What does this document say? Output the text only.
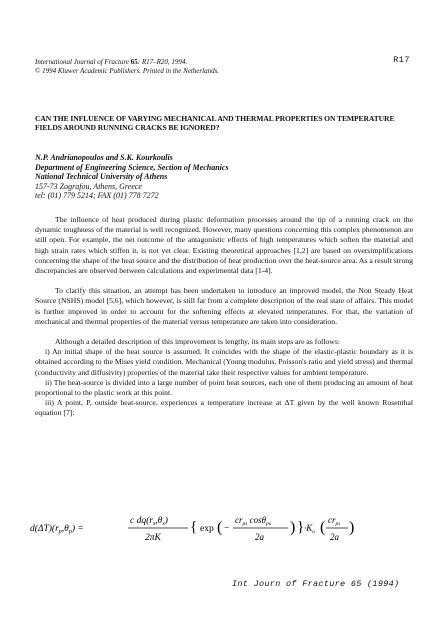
R17
International Journal of Fracture 65: R17–R20, 1994.
© 1994 Kluwer Academic Publishers. Printed in the Netherlands.
CAN THE INFLUENCE OF VARYING MECHANICAL AND THERMAL PROPERTIES ON TEMPERATURE FIELDS AROUND RUNNING CRACKS BE IGNORED?
N.P. Andrianopoulos and S.K. Kourkoulis
Department of Engineering Science, Section of Mechanics
National Technical University of Athens
157-73 Zografou, Athens, Greece
tel: (01) 779 5214; FAX (01) 778 7272

The influence of heat produced during plastic deformation processes around the tip of a running crack on the dynamic toughness of the material is well recognized. However, many questions concerning this complex phenomenon are still open. For example, the net outcome of the antagonistic effects of high temperatures which soften the material and high strain rates which stiffen it, is not yet clear. Existing theoretical approaches [1,2] are based on oversimplifications concerning the shape of the heat source and the distribution of heat production over the heat-source area. As a result strong discrepancies are observed between calculations and experimental data [1-4].

To clarify this situation, an attempt has been undertaken to introduce an improved model, the Non Steady Heat Source (NSHS) model [5,6], which however, is still far from a complete description of the real state of affairs. This model is further improved in order to account for the softening effects at elevated temperatures. For that, the variation of mechanical and thermal properties of the material versus temperature are taken into consideration.

Although a detailed description of this improvement is lengthy, its main steps are as follows:

i) An initial shape of the heat source is assumed. It coincides with the shape of the elastic-plastic boundary as it is obtained according to the Mises yield condition. Mechanical (Young modulus, Poisson's ratio and yield stress) and thermal (conductivity and diffusivity) properties of the material take their respective values for ambient temperature.

ii) The heat-source is divided into a large number of point heat sources, each one of them producing an amount of heat proportional to the plastic work at this point.

iii) A point, P, outside heat-source, experiences a temperature increase at ΔT given by the well known Rosenthal equation [7]:

$d(\Delta T)(r_p,\theta_p)$ =
c $dq(r_s,\theta_s)$
2πK
{ exp ( −
$cr_{ps}$ cosθ$_{ps}$
2a
) } $\cdot K_o$ ( $cr_{ps}$
2a
)
Int Journ of Fracture 65 (1994)
